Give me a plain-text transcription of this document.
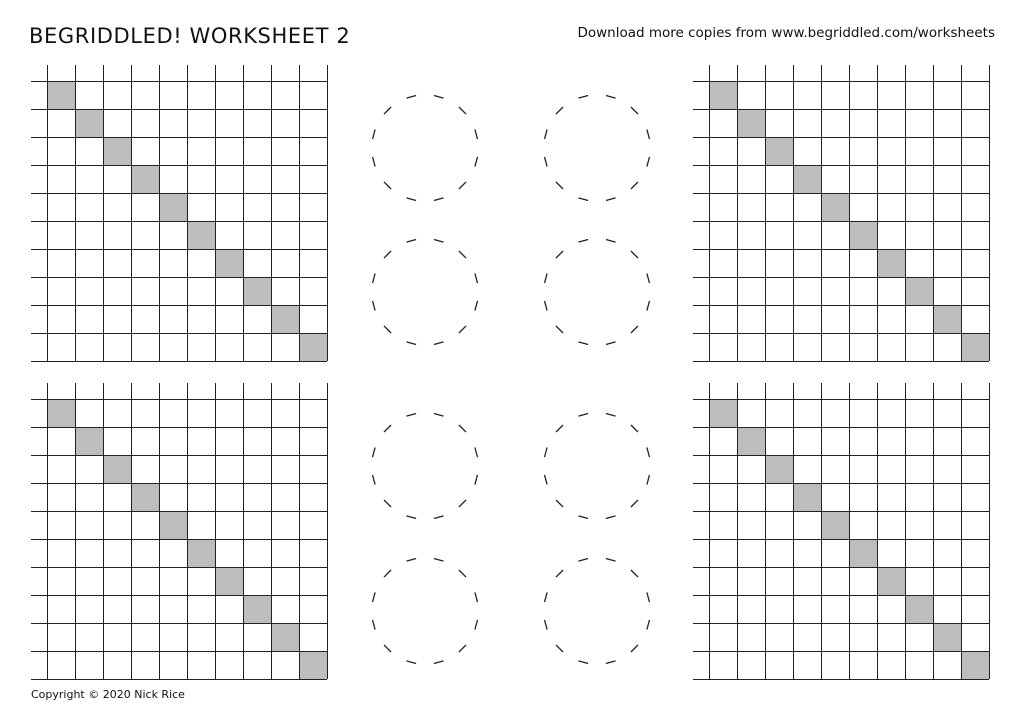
BEGRIDDLED! WORKSHEET 2	Download more copies from www.begriddled.com/worksheets
Copyright © 2020 Nick Rice
